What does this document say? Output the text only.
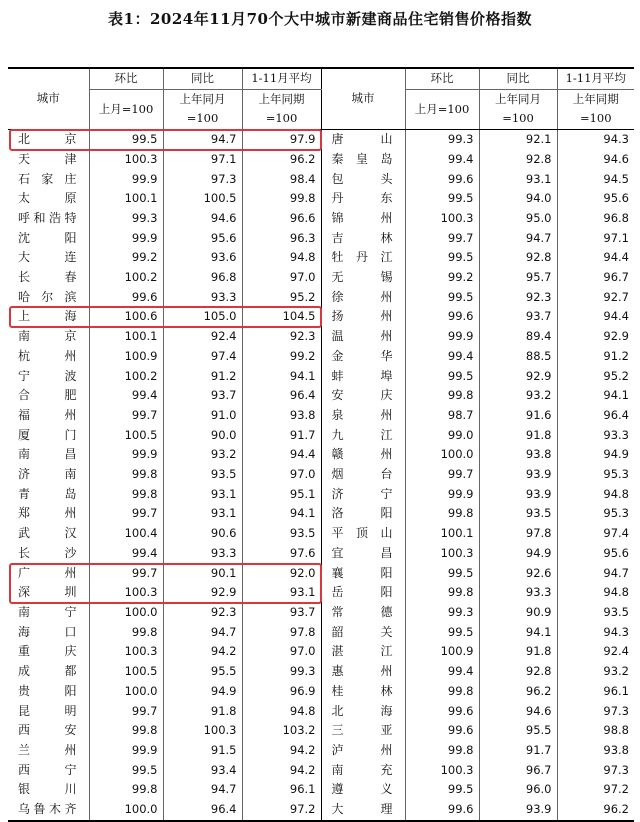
表1：2024年11月70个大中城市新建商品住宅销售价格指数
城市	环比	同比	1-11月平均	城市	环比	同比	1-11月平均
	上月=100	上年同月 =100	上年同期 =100		上月=100	上年同月 =100	上年同期 =100
北京	99.5	94.7	97.9	唐山	99.3	92.1	94.3
天津	100.3	97.1	96.2	秦皇岛	99.4	92.8	94.6
石家庄	99.9	97.3	98.4	包头	99.6	93.1	94.5
太原	100.1	100.5	99.8	丹东	99.5	94.0	95.6
呼和浩特	99.3	94.6	96.6	锦州	100.3	95.0	96.8
沈阳	99.9	95.6	96.3	吉林	99.7	94.7	97.1
大连	99.2	93.6	94.8	牡丹江	99.5	92.8	94.4
长春	100.2	96.8	97.0	无锡	99.2	95.7	96.7
哈尔滨	99.6	93.3	95.2	徐州	99.5	92.3	92.7
上海	100.6	105.0	104.5	扬州	99.6	93.7	94.4
南京	100.1	92.4	92.3	温州	99.9	89.4	92.9
杭州	100.9	97.4	99.2	金华	99.4	88.5	91.2
宁波	100.2	91.2	94.1	蚌埠	99.5	92.9	95.2
合肥	99.4	93.7	96.4	安庆	99.8	93.2	94.1
福州	99.7	91.0	93.8	泉州	98.7	91.6	96.4
厦门	100.5	90.0	91.7	九江	99.0	91.8	93.3
南昌	99.9	93.2	94.4	赣州	100.0	93.8	94.9
济南	99.8	93.5	97.0	烟台	99.7	93.9	95.3
青岛	99.8	93.1	95.1	济宁	99.9	93.9	94.8
郑州	99.7	93.1	94.1	洛阳	99.8	93.5	95.3
武汉	100.4	90.6	93.5	平顶山	100.1	97.8	97.4
长沙	99.4	93.3	97.6	宜昌	100.3	94.9	95.6
广州	99.7	90.1	92.0	襄阳	99.5	92.6	94.7
深圳	100.3	92.9	93.1	岳阳	99.8	93.3	94.8
南宁	100.0	92.3	93.7	常德	99.3	90.9	93.5
海口	99.8	94.7	97.8	韶关	99.5	94.1	94.3
重庆	100.3	94.2	97.0	湛江	100.9	91.8	92.4
成都	100.5	95.5	99.3	惠州	99.4	92.8	93.2
贵阳	100.0	94.9	96.9	桂林	99.8	96.2	96.1
昆明	99.7	91.8	94.8	北海	99.6	94.6	97.3
西安	99.8	100.3	103.2	三亚	99.6	95.5	98.8
兰州	99.9	91.5	94.2	泸州	99.8	91.7	93.8
西宁	99.5	93.4	94.2	南充	100.3	96.7	97.3
银川	99.8	94.7	96.1	遵义	99.5	96.0	97.2
乌鲁木齐	100.0	96.4	97.2	大理	99.6	93.9	96.2
